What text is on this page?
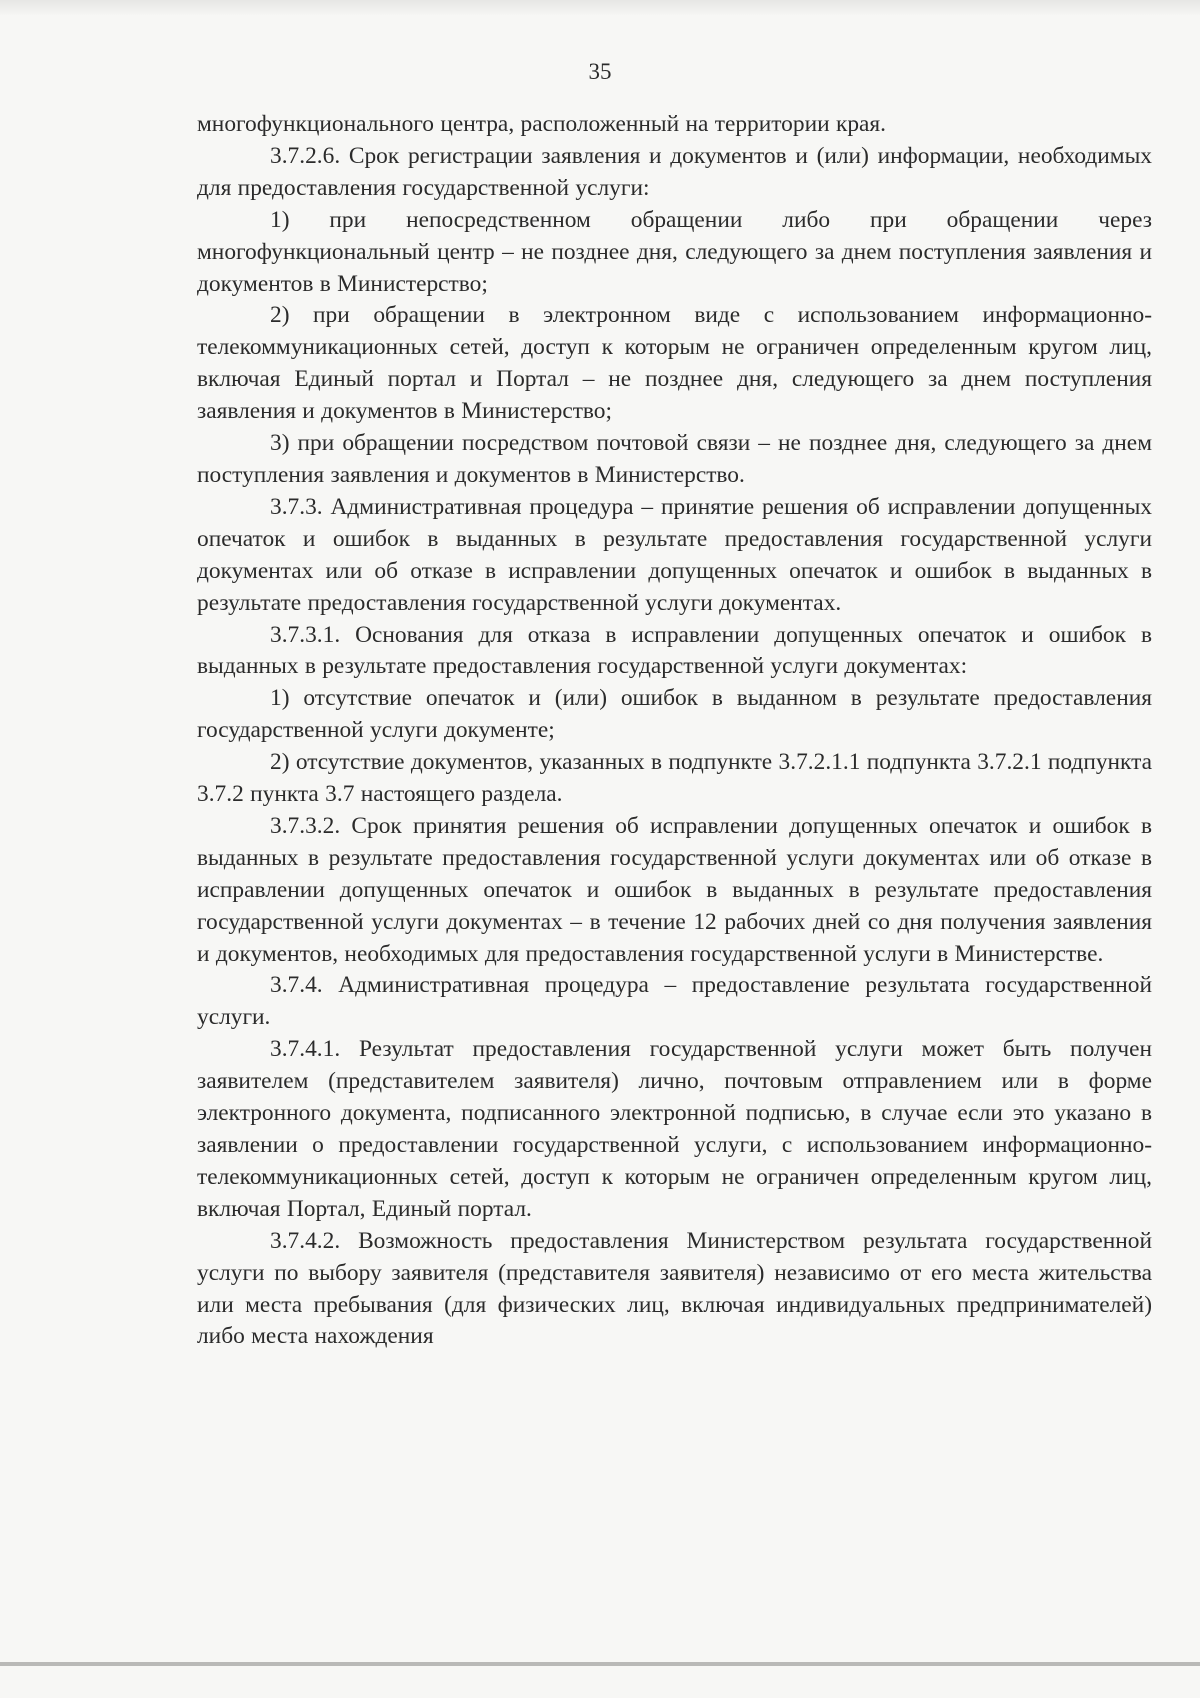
35

многофункционального центра, расположенный на территории края.

3.7.2.6. Срок регистрации заявления и документов и (или) информации, необходимых для предоставления государственной услуги:

1) при непосредственном обращении либо при обращении через многофункциональный центр – не позднее дня, следующего за днем поступления заявления и документов в Министерство;

2) при обращении в электронном виде с использованием информационно-телекоммуникационных сетей, доступ к которым не ограничен определенным кругом лиц, включая Единый портал и Портал – не позднее дня, следующего за днем поступления заявления и документов в Министерство;

3) при обращении посредством почтовой связи – не позднее дня, следующего за днем поступления заявления и документов в Министерство.

3.7.3. Административная процедура – принятие решения об исправлении допущенных опечаток и ошибок в выданных в результате предоставления государственной услуги документах или об отказе в исправлении допущенных опечаток и ошибок в выданных в результате предоставления государственной услуги документах.

3.7.3.1. Основания для отказа в исправлении допущенных опечаток и ошибок в выданных в результате предоставления государственной услуги документах:

1) отсутствие опечаток и (или) ошибок в выданном в результате предоставления государственной услуги документе;

2) отсутствие документов, указанных в подпункте 3.7.2.1.1 подпункта 3.7.2.1 подпункта 3.7.2 пункта 3.7 настоящего раздела.

3.7.3.2. Срок принятия решения об исправлении допущенных опечаток и ошибок в выданных в результате предоставления государственной услуги документах или об отказе в исправлении допущенных опечаток и ошибок в выданных в результате предоставления государственной услуги документах – в течение 12 рабочих дней со дня получения заявления и документов, необходимых для предоставления государственной услуги в Министерстве.

3.7.4. Административная процедура – предоставление результата государственной услуги.

3.7.4.1. Результат предоставления государственной услуги может быть получен заявителем (представителем заявителя) лично, почтовым отправлением или в форме электронного документа, подписанного электронной подписью, в случае если это указано в заявлении о предоставлении государственной услуги, с использованием информационно-телекоммуникационных сетей, доступ к которым не ограничен определенным кругом лиц, включая Портал, Единый портал.

3.7.4.2. Возможность предоставления Министерством результата государственной услуги по выбору заявителя (представителя заявителя) независимо от его места жительства или места пребывания (для физических лиц, включая индивидуальных предпринимателей) либо места нахождения
